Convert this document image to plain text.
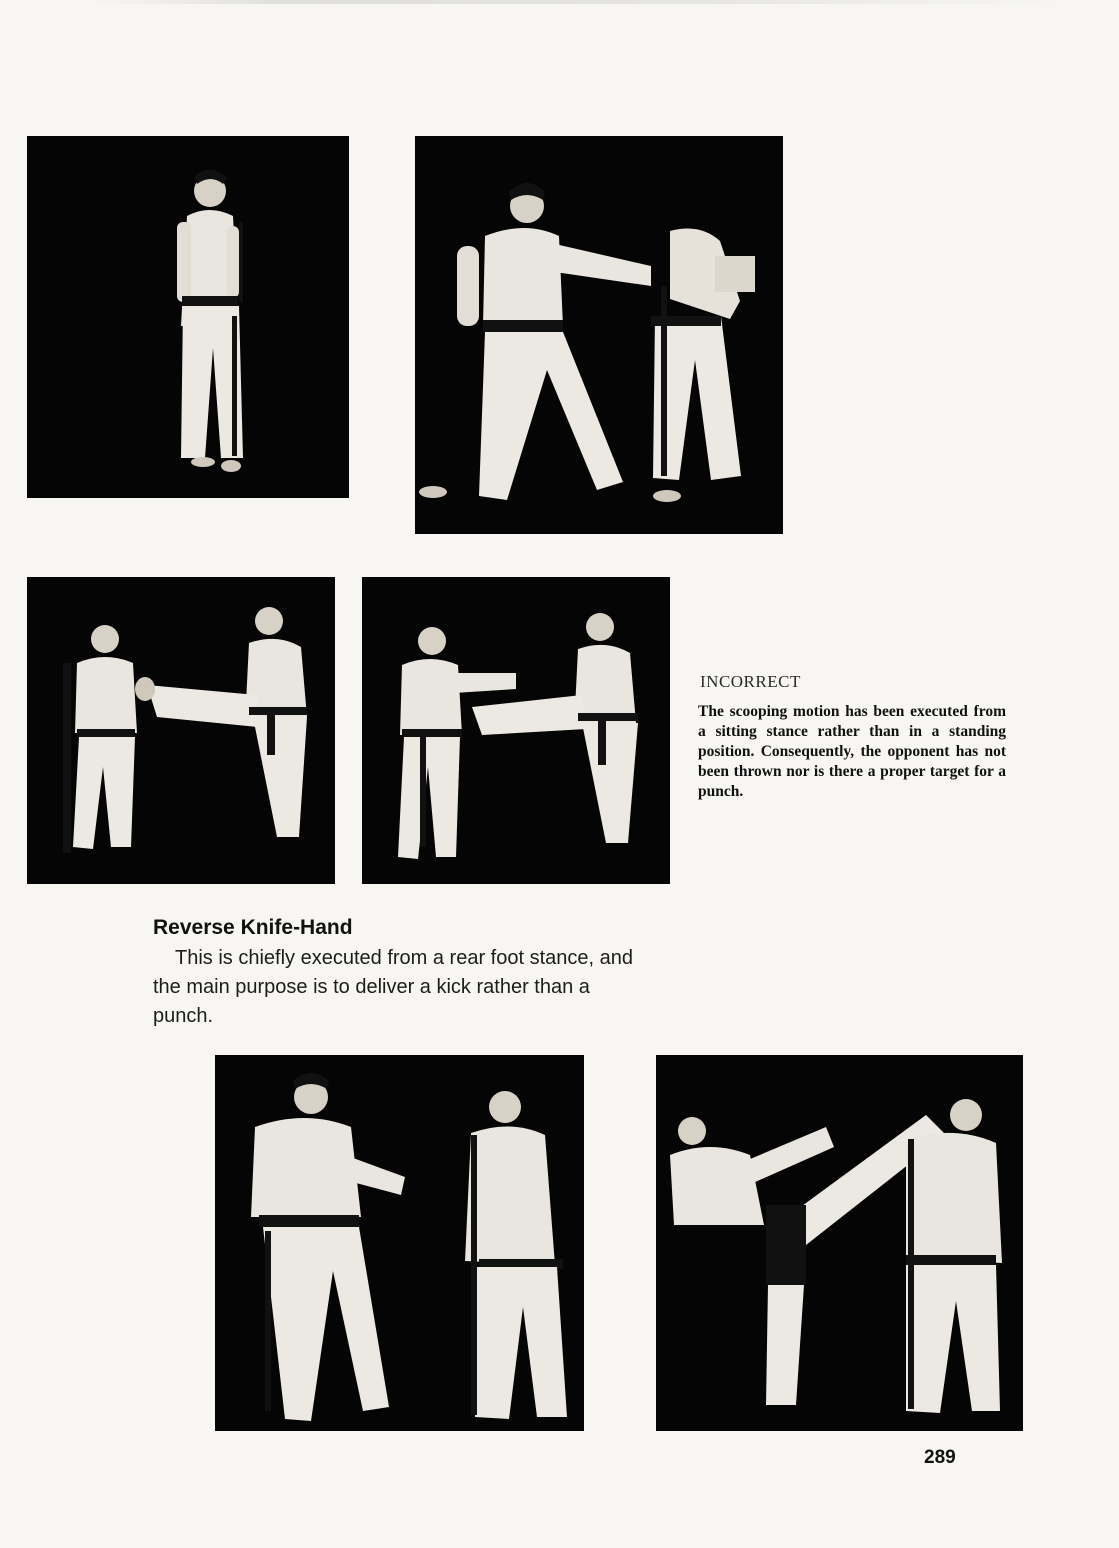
INCORRECT
The scooping motion has been executed from a sitting stance rather than in a standing position. Consequently, the opponent has not been thrown nor is there a proper target for a punch.
Reverse Knife-Hand
This is chiefly executed from a rear foot stance, and the main purpose is to deliver a kick rather than a punch.
289
